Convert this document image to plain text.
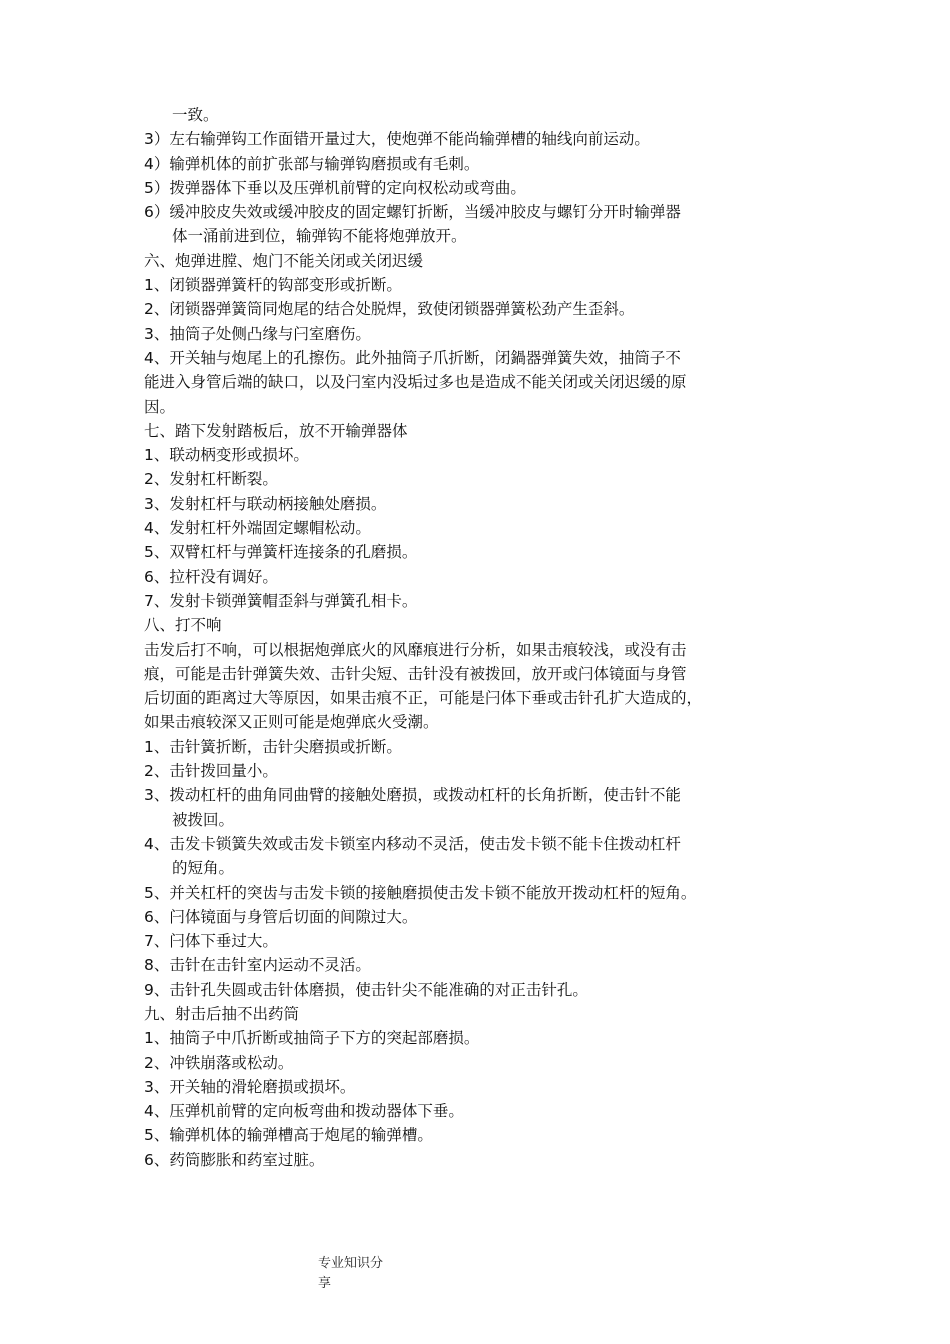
一致。
3）左右输弹钩工作面错开量过大，使炮弹不能尚输弹槽的轴线向前运动。
4）输弹机体的前扩张部与输弹钩磨损或有毛刺。
5）拨弹器体下垂以及压弹机前臂的定向权松动或弯曲。
6）缓冲胶皮失效或缓冲胶皮的固定螺钉折断，当缓冲胶皮与螺钉分开时输弹器
体一涌前进到位，输弹钩不能将炮弹放开。
六、炮弹进膛、炮门不能关闭或关闭迟缓
1、闭锁器弹簧杆的钩部变形或折断。
2、闭锁器弹簧筒同炮尾的结合处脱焊，致使闭锁器弹簧松劲产生歪斜。
3、抽筒子处侧凸缘与闩室磨伤。
4、开关轴与炮尾上的孔擦伤。此外抽筒子爪折断，闭鍋器弹簧失效，抽筒子不
能进入身管后端的缺口，以及闩室内没垢过多也是造成不能关闭或关闭迟缓的原
因。
七、踏下发射踏板后，放不开输弹器体
1、联动柄变形或损坏。
2、发射杠杆断裂。
3、发射杠杆与联动柄接触处磨损。
4、发射杠杆外端固定螺帽松动。
5、双臂杠杆与弹簧杆连接条的孔磨损。
6、拉杆没有调好。
7、发射卡锁弹簧帽歪斜与弹簧孔相卡。
八、打不响
击发后打不响，可以根据炮弹底火的风靡痕进行分析，如果击痕较浅，或没有击
痕，可能是击针弹簧失效、击针尖短、击针没有被拨回，放开或闩体镜面与身管
后切面的距离过大等原因，如果击痕不正，可能是闩体下垂或击针孔扩大造成的，
如果击痕较深又正则可能是炮弹底火受潮。
1、击针簧折断，击针尖磨损或折断。
2、击针拨回量小。
3、拨动杠杆的曲角同曲臂的接触处磨损，或拨动杠杆的长角折断，使击针不能
被拨回。
4、击发卡锁簧失效或击发卡锁室内移动不灵活，使击发卡锁不能卡住拨动杠杆
的短角。
5、并关杠杆的突齿与击发卡锁的接触磨损使击发卡锁不能放开拨动杠杆的短角。
6、闩体镜面与身管后切面的间隙过大。
7、闩体下垂过大。
8、击针在击针室内运动不灵活。
9、击针孔失圆或击针体磨损，使击针尖不能准确的对正击针孔。
九、射击后抽不出药筒
1、抽筒子中爪折断或抽筒子下方的突起部磨损。
2、冲铁崩落或松动。
3、开关轴的滑轮磨损或损坏。
4、压弹机前臂的定向板弯曲和拨动器体下垂。
5、输弹机体的输弹槽高于炮尾的输弹槽。
6、药筒膨胀和药室过脏。
专业知识分
享
